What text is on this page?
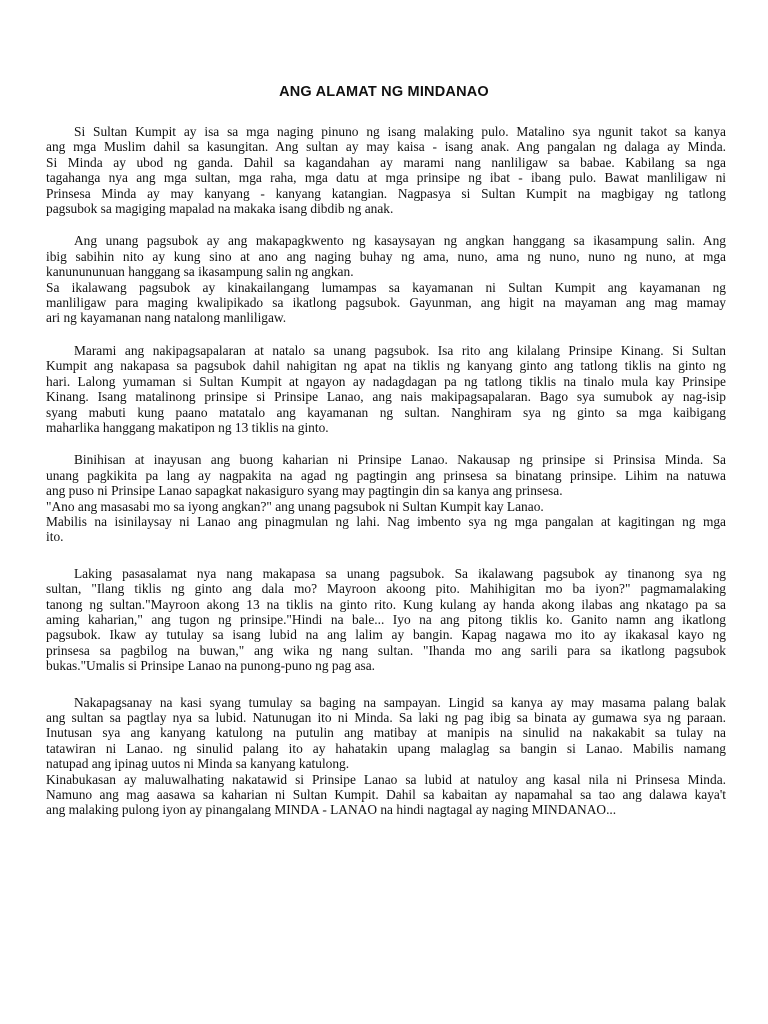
ANG ALAMAT NG MINDANAO
Si Sultan Kumpit ay isa sa mga naging pinuno ng isang malaking pulo. Matalino sya ngunit takot sa kanya
ang mga Muslim dahil sa kasungitan. Ang sultan ay may kaisa - isang anak. Ang pangalan ng dalaga ay Minda.
Si Minda ay ubod ng ganda. Dahil sa kagandahan ay marami nang nanliligaw sa babae. Kabilang sa nga
tagahanga nya ang mga sultan, mga raha, mga datu at mga prinsipe ng ibat - ibang pulo. Bawat manliligaw ni
Prinsesa Minda ay may kanyang - kanyang katangian. Nagpasya si Sultan Kumpit na magbigay ng tatlong
pagsubok sa magiging mapalad na makaka isang dibdib ng anak.
Ang unang pagsubok ay ang makapagkwento ng kasaysayan ng angkan hanggang sa ikasampung salin. Ang
ibig sabihin nito ay kung sino at ano ang naging buhay ng ama, nuno, ama ng nuno, nuno ng nuno, at mga
kanunununuan hanggang sa ikasampung salin ng angkan.
Sa ikalawang pagsubok ay kinakailangang lumampas sa kayamanan ni Sultan Kumpit ang kayamanan ng
manliligaw para maging kwalipikado sa ikatlong pagsubok. Gayunman, ang higit na mayaman ang mag mamay
ari ng kayamanan nang natalong manliligaw.
Marami ang nakipagsapalaran at natalo sa unang pagsubok. Isa rito ang kilalang Prinsipe Kinang. Si Sultan
Kumpit ang nakapasa sa pagsubok dahil nahigitan ng apat na tiklis ng kanyang ginto ang tatlong tiklis na ginto ng
hari. Lalong yumaman si Sultan Kumpit at ngayon ay nadagdagan pa ng tatlong tiklis na tinalo mula kay Prinsipe
Kinang. Isang matalinong prinsipe si Prinsipe Lanao, ang nais makipagsapalaran. Bago sya sumubok ay nag-isip
syang mabuti kung paano matatalo ang kayamanan ng sultan. Nanghiram sya ng ginto sa mga kaibigang
maharlika hanggang makatipon ng 13 tiklis na ginto.
Binihisan at inayusan ang buong kaharian ni Prinsipe Lanao. Nakausap ng prinsipe si Prinsisa Minda. Sa
unang pagkikita pa lang ay nagpakita na agad ng pagtingin ang prinsesa sa binatang prinsipe. Lihim na natuwa
ang puso ni Prinsipe Lanao sapagkat nakasiguro syang may pagtingin din sa kanya ang prinsesa.
"Ano ang masasabi mo sa iyong angkan?" ang unang pagsubok ni Sultan Kumpit kay Lanao.
Mabilis na isinilaysay ni Lanao ang pinagmulan ng lahi. Nag imbento sya ng mga pangalan at kagitingan ng mga
ito.
Laking pasasalamat nya nang makapasa sa unang pagsubok. Sa ikalawang pagsubok ay tinanong sya ng
sultan, "Ilang tiklis ng ginto ang dala mo? Mayroon akoong pito. Mahihigitan mo ba iyon?" pagmamalaking
tanong ng sultan."Mayroon akong 13 na tiklis na ginto rito. Kung kulang ay handa akong ilabas ang nkatago pa sa
aming kaharian," ang tugon ng prinsipe."Hindi na bale... Iyo na ang pitong tiklis ko. Ganito namn ang ikatlong
pagsubok. Ikaw ay tutulay sa isang lubid na ang lalim ay bangin. Kapag nagawa mo ito ay ikakasal kayo ng
prinsesa sa pagbilog na buwan," ang wika ng nang sultan. "Ihanda mo ang sarili para sa ikatlong pagsubok
bukas."Umalis si Prinsipe Lanao na punong-puno ng pag asa.
Nakapagsanay na kasi syang tumulay sa baging na sampayan. Lingid sa kanya ay may masama palang balak
ang sultan sa pagtlay nya sa lubid. Natunugan ito ni Minda. Sa laki ng pag ibig sa binata ay gumawa sya ng paraan.
Inutusan sya ang kanyang katulong na putulin ang matibay at manipis na sinulid na nakakabit sa tulay na
tatawiran ni Lanao. ng sinulid palang ito ay hahatakin upang malaglag sa bangin si Lanao. Mabilis namang
natupad ang ipinag uutos ni Minda sa kanyang katulong.
Kinabukasan ay maluwalhating nakatawid si Prinsipe Lanao sa lubid at natuloy ang kasal nila ni Prinsesa Minda.
Namuno ang mag aasawa sa kaharian ni Sultan Kumpit. Dahil sa kabaitan ay napamahal sa tao ang dalawa kaya't
ang malaking pulong iyon ay pinangalang MINDA - LANAO na hindi nagtagal ay naging MINDANAO...
